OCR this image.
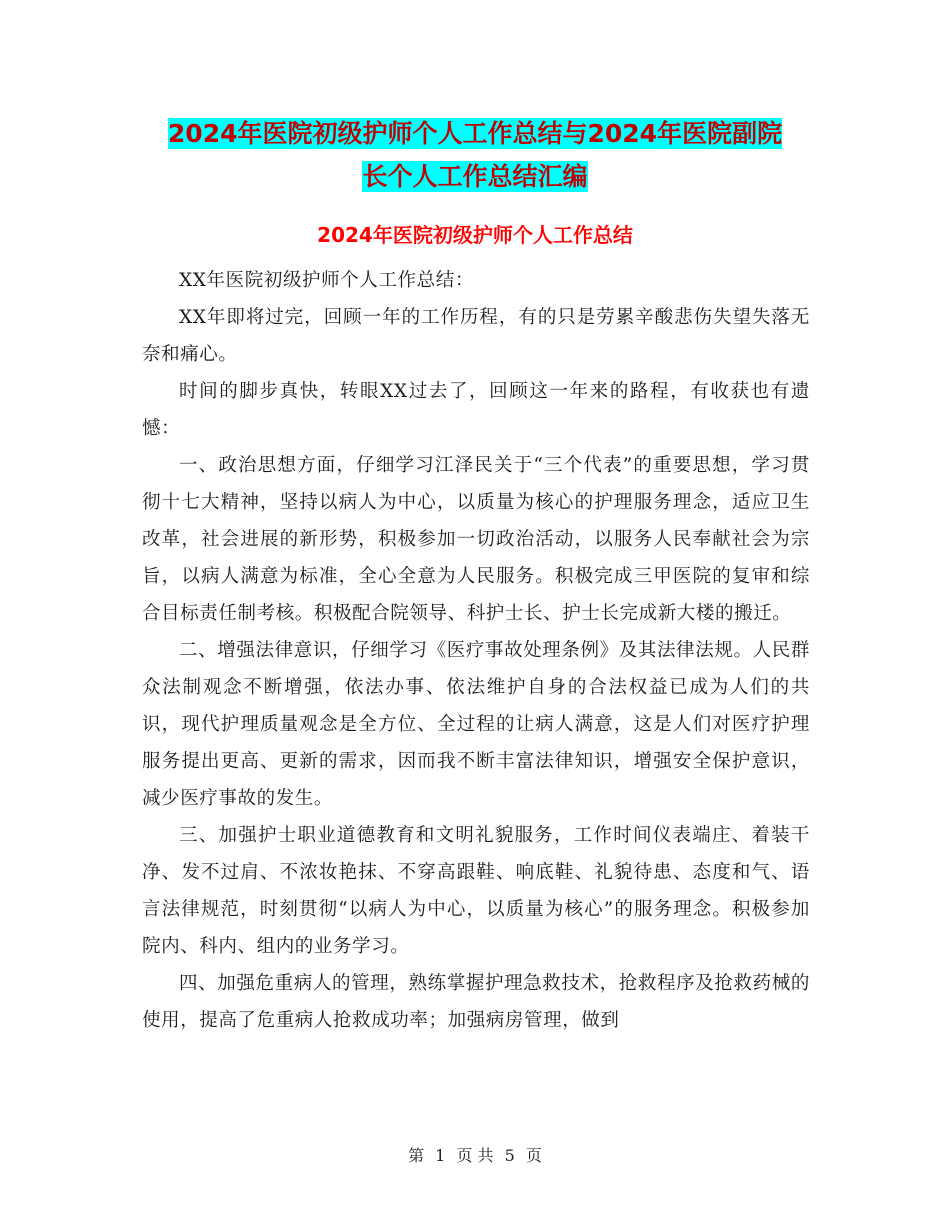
2024年医院初级护师个人工作总结与2024年医院副院
长个人工作总结汇编
2024年医院初级护师个人工作总结

XX年医院初级护师个人工作总结：

XX年即将过完，回顾一年的工作历程，有的只是劳累辛酸悲伤失望失落无奈和痛心。

时间的脚步真快，转眼XX过去了，回顾这一年来的路程，有收获也有遗憾：

一、政治思想方面，仔细学习江泽民关于“三个代表”的重要思想，学习贯彻十七大精神，坚持以病人为中心，以质量为核心的护理服务理念，适应卫生改革，社会进展的新形势，积极参加一切政治活动，以服务人民奉献社会为宗旨，以病人满意为标准，全心全意为人民服务。积极完成三甲医院的复审和综合目标责任制考核。积极配合院领导、科护士长、护士长完成新大楼的搬迁。

二、增强法律意识，仔细学习《医疗事故处理条例》及其法律法规。人民群众法制观念不断增强，依法办事、依法维护自身的合法权益已成为人们的共识，现代护理质量观念是全方位、全过程的让病人满意，这是人们对医疗护理服务提出更高、更新的需求，因而我不断丰富法律知识，增强安全保护意识，减少医疗事故的发生。

三、加强护士职业道德教育和文明礼貌服务，工作时间仪表端庄、着装干净、发不过肩、不浓妆艳抹、不穿高跟鞋、响底鞋、礼貌待患、态度和气、语言法律规范，时刻贯彻“以病人为中心，以质量为核心”的服务理念。积极参加院内、科内、组内的业务学习。

四、加强危重病人的管理，熟练掌握护理急救技术，抢救程序及抢救药械的使用，提高了危重病人抢救成功率；加强病房管理，做到

第 1 页 共 5 页
